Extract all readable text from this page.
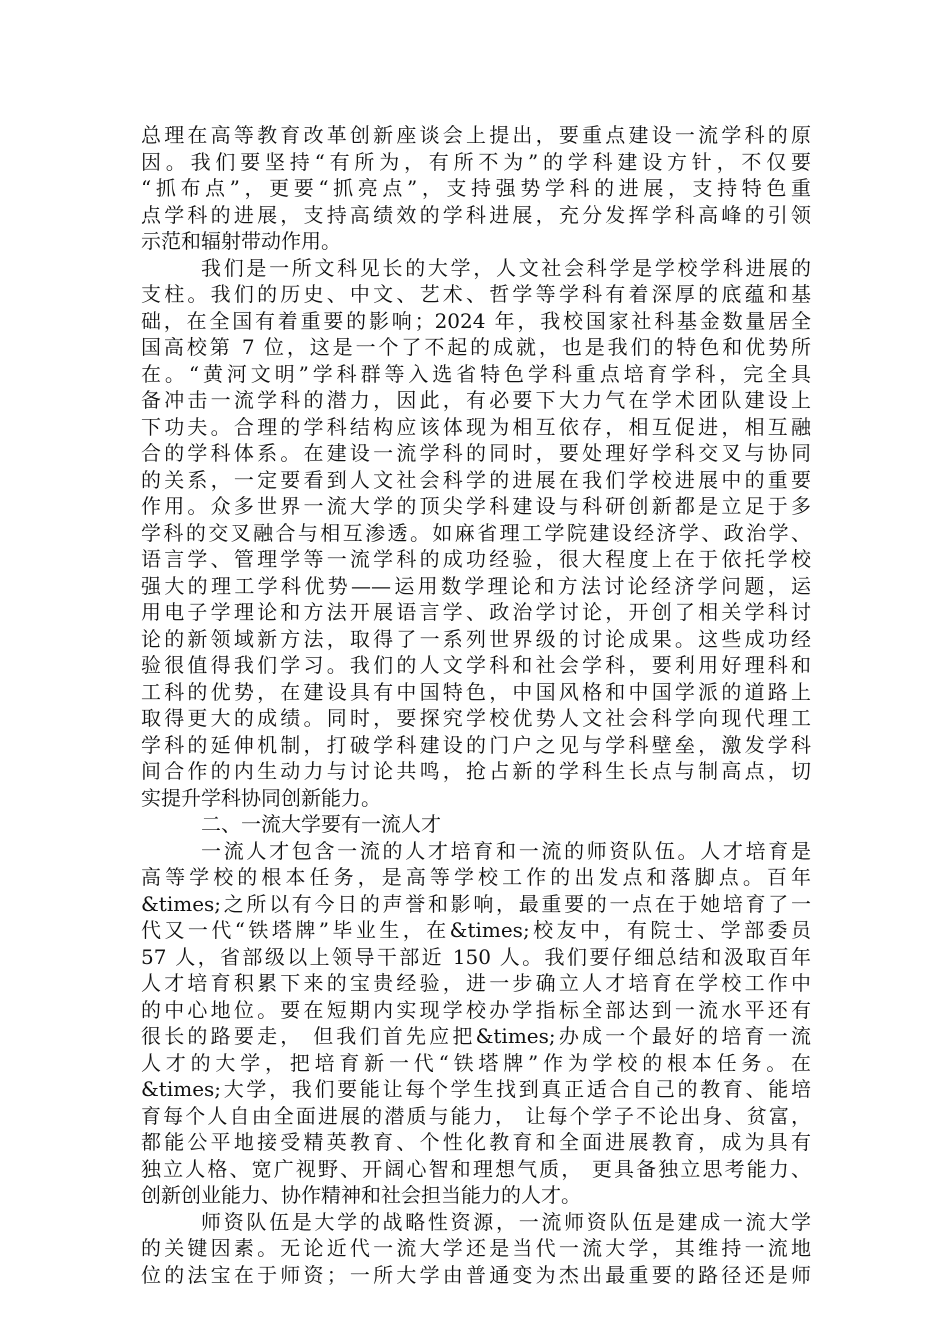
总理在高等教育改革创新座谈会上提出，要重点建设一流学科的原
因。我们要坚持“有所为，有所不为”的学科建设方针，不仅要
“抓布点”，更要“抓亮点”，支持强势学科的进展，支持特色重
点学科的进展，支持高绩效的学科进展，充分发挥学科高峰的引领
示范和辐射带动作用。
我们是一所文科见长的大学，人文社会科学是学校学科进展的
支柱。我们的历史、中文、艺术、哲学等学科有着深厚的底蕴和基
础，在全国有着重要的影响；2024 年，我校国家社科基金数量居全
国高校第 7 位，这是一个了不起的成就，也是我们的特色和优势所
在。“黄河文明”学科群等入选省特色学科重点培育学科，完全具
备冲击一流学科的潜力，因此，有必要下大力气在学术团队建设上
下功夫。合理的学科结构应该体现为相互依存，相互促进，相互融
合的学科体系。在建设一流学科的同时，要处理好学科交叉与协同
的关系，一定要看到人文社会科学的进展在我们学校进展中的重要
作用。众多世界一流大学的顶尖学科建设与科研创新都是立足于多
学科的交叉融合与相互渗透。如麻省理工学院建设经济学、政治学、
语言学、管理学等一流学科的成功经验，很大程度上在于依托学校
强大的理工学科优势——运用数学理论和方法讨论经济学问题，运
用电子学理论和方法开展语言学、政治学讨论，开创了相关学科讨
论的新领域新方法，取得了一系列世界级的讨论成果。这些成功经
验很值得我们学习。我们的人文学科和社会学科，要利用好理科和
工科的优势，在建设具有中国特色，中国风格和中国学派的道路上
取得更大的成绩。同时，要探究学校优势人文社会科学向现代理工
学科的延伸机制，打破学科建设的门户之见与学科壁垒，激发学科
间合作的内生动力与讨论共鸣，抢占新的学科生长点与制高点，切
实提升学科协同创新能力。
二、一流大学要有一流人才
一流人才包含一流的人才培育和一流的师资队伍。人才培育是
高等学校的根本任务，是高等学校工作的出发点和落脚点。百年
&times;之所以有今日的声誉和影响，最重要的一点在于她培育了一
代又一代“铁塔牌”毕业生，在&times;校友中，有院士、学部委员
57 人，省部级以上领导干部近 150 人。我们要仔细总结和汲取百年
人才培育积累下来的宝贵经验，进一步确立人才培育在学校工作中
的中心地位。要在短期内实现学校办学指标全部达到一流水平还有
很长的路要走， 但我们首先应把&times;办成一个最好的培育一流
人才的大学，把培育新一代“铁塔牌”作为学校的根本任务。在
&times;大学，我们要能让每个学生找到真正适合自己的教育、能培
育每个人自由全面进展的潜质与能力， 让每个学子不论出身、贫富，
都能公平地接受精英教育、个性化教育和全面进展教育，成为具有
独立人格、宽广视野、开阔心智和理想气质， 更具备独立思考能力、
创新创业能力、协作精神和社会担当能力的人才。
师资队伍是大学的战略性资源，一流师资队伍是建成一流大学
的关键因素。无论近代一流大学还是当代一流大学，其维持一流地
位的法宝在于师资；一所大学由普通变为杰出最重要的路径还是师
